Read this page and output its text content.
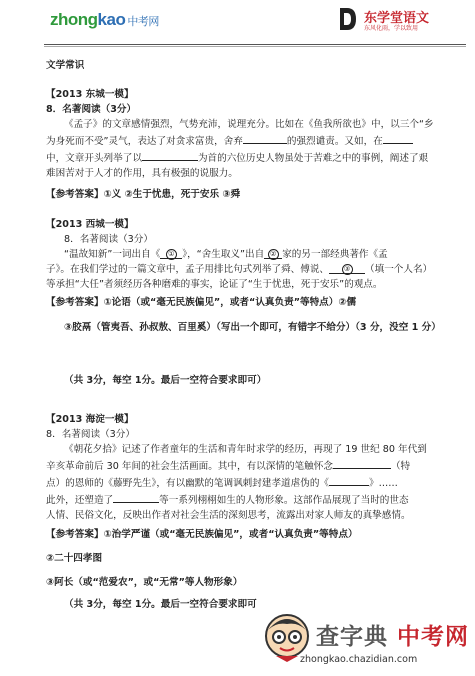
zhongkao 中考网	东学堂语文
东风化雨，学以致用
文学常识
【2013 东城一模】
8．名著阅读（3分）
《孟子》的文章感情强烈，气势充沛，说理充分。比如在《鱼我所欲也》中，以三个“乡
为身死而不受”灵气，表达了对贪求富贵，舍弃	的强烈谴责。又如，在
中，文章开头列举了以	为首的六位历史人物虽处于苦难之中的事例，阐述了艰
难困苦对于人才的作用，具有极强的说服力。
【参考答案】①义 ②生于忧患，死于安乐 ③舜
【2013 西城一模】
8．名著阅读（3分）
“温故知新”一词出自《 ① 》，“舍生取义”出自 ② 家的另一部经典著作《孟
子》。在我们学过的一篇文章中，孟子用排比句式列举了舜、傅说、 ③ （填一个人名）
等承担“大任”者须经历各种磨难的事实，论证了“生于忧患，死于安乐”的观点。
【参考答案】①论语（或“毫无民族偏见”，或者“认真负责”等特点）②儒
③胶鬲（管夷吾、孙叔敖、百里奚）（写出一个即可，有错字不给分）（3 分，没空 1 分）
（共 3分，每空 1分。最后一空符合要求即可）
【2013 海淀一模】
8．名著阅读（3分）
《朝花夕拾》记述了作者童年的生活和青年时求学的经历，再现了 19 世纪 80 年代到
辛亥革命前后 30 年间的社会生活画面。其中，有以深情的笔触怀念	（特
点）的恩师的《藤野先生》，有以幽默的笔调讽刺封建孝道虐伪的《	》……
此外，还塑造了	等一系列栩栩如生的人物形象。这部作品展现了当时的世态
人情、民俗文化，反映出作者对社会生活的深刻思考，流露出对家人师友的真挚感情。
【参考答案】①治学严谨（或“毫无民族偏见”，或者“认真负责”等特点）
②二十四孝图
③阿长（或“范爱农”，或“无常”等人物形象）
（共 3分，每空 1分。最后一空符合要求即可
查字典 中考网
zhongkao.chazidian.com
